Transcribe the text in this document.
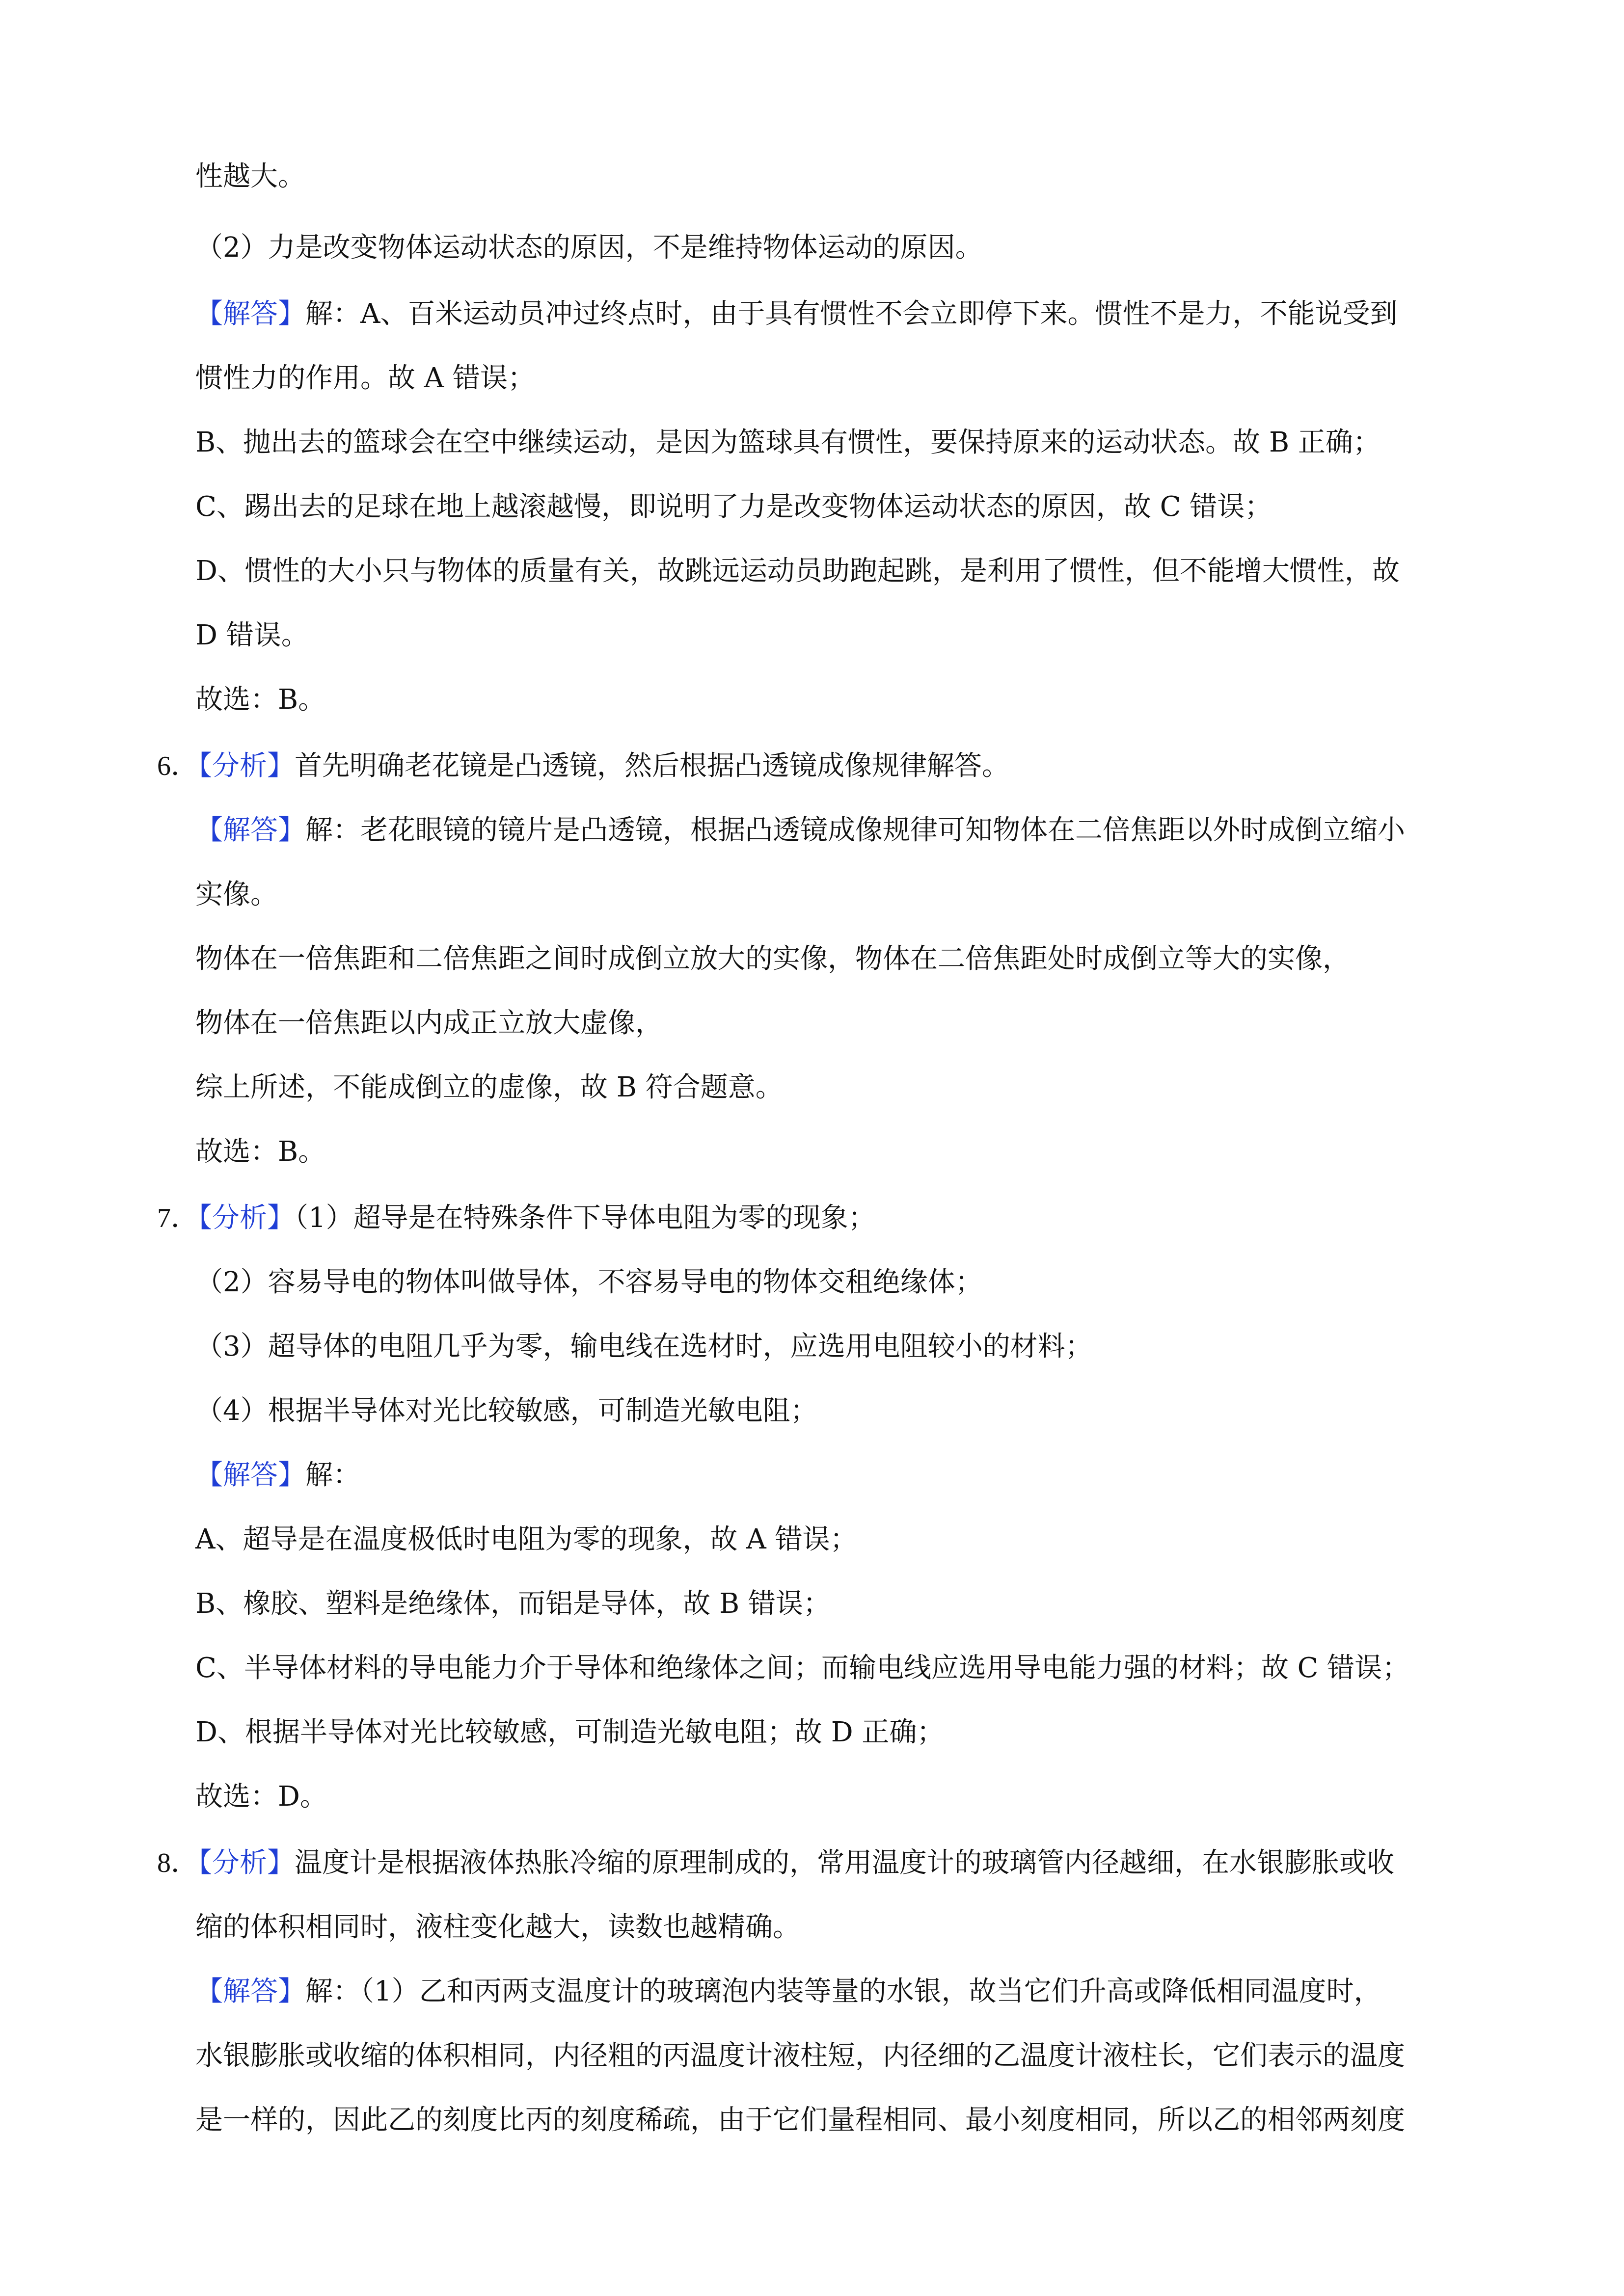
性越大。
（2）力是改变物体运动状态的原因，不是维持物体运动的原因。
【解答】解：A、百米运动员冲过终点时，由于具有惯性不会立即停下来。惯性不是力，不能说受到
惯性力的作用。故 A 错误；
B、抛出去的篮球会在空中继续运动，是因为篮球具有惯性，要保持原来的运动状态。故 B 正确；
C、踢出去的足球在地上越滚越慢，即说明了力是改变物体运动状态的原因，故 C 错误；
D、惯性的大小只与物体的质量有关，故跳远运动员助跑起跳，是利用了惯性，但不能增大惯性，故
D 错误。
故选：B。
6．【分析】首先明确老花镜是凸透镜，然后根据凸透镜成像规律解答。
【解答】解：老花眼镜的镜片是凸透镜，根据凸透镜成像规律可知物体在二倍焦距以外时成倒立缩小
实像。
物体在一倍焦距和二倍焦距之间时成倒立放大的实像，物体在二倍焦距处时成倒立等大的实像，
物体在一倍焦距以内成正立放大虚像，
综上所述，不能成倒立的虚像，故 B 符合题意。
故选：B。
7．【分析】（1）超导是在特殊条件下导体电阻为零的现象；
（2）容易导电的物体叫做导体，不容易导电的物体交租绝缘体；
（3）超导体的电阻几乎为零，输电线在选材时，应选用电阻较小的材料；
（4）根据半导体对光比较敏感，可制造光敏电阻；
【解答】解：
A、超导是在温度极低时电阻为零的现象，故 A 错误；
B、橡胶、塑料是绝缘体，而铝是导体，故 B 错误；
C、半导体材料的导电能力介于导体和绝缘体之间；而输电线应选用导电能力强的材料；故 C 错误；
D、根据半导体对光比较敏感，可制造光敏电阻；故 D 正确；
故选：D。
8．【分析】温度计是根据液体热胀冷缩的原理制成的，常用温度计的玻璃管内径越细，在水银膨胀或收
缩的体积相同时，液柱变化越大，读数也越精确。
【解答】解：（1）乙和丙两支温度计的玻璃泡内装等量的水银，故当它们升高或降低相同温度时，
水银膨胀或收缩的体积相同，内径粗的丙温度计液柱短，内径细的乙温度计液柱长，它们表示的温度
是一样的，因此乙的刻度比丙的刻度稀疏，由于它们量程相同、最小刻度相同，所以乙的相邻两刻度
